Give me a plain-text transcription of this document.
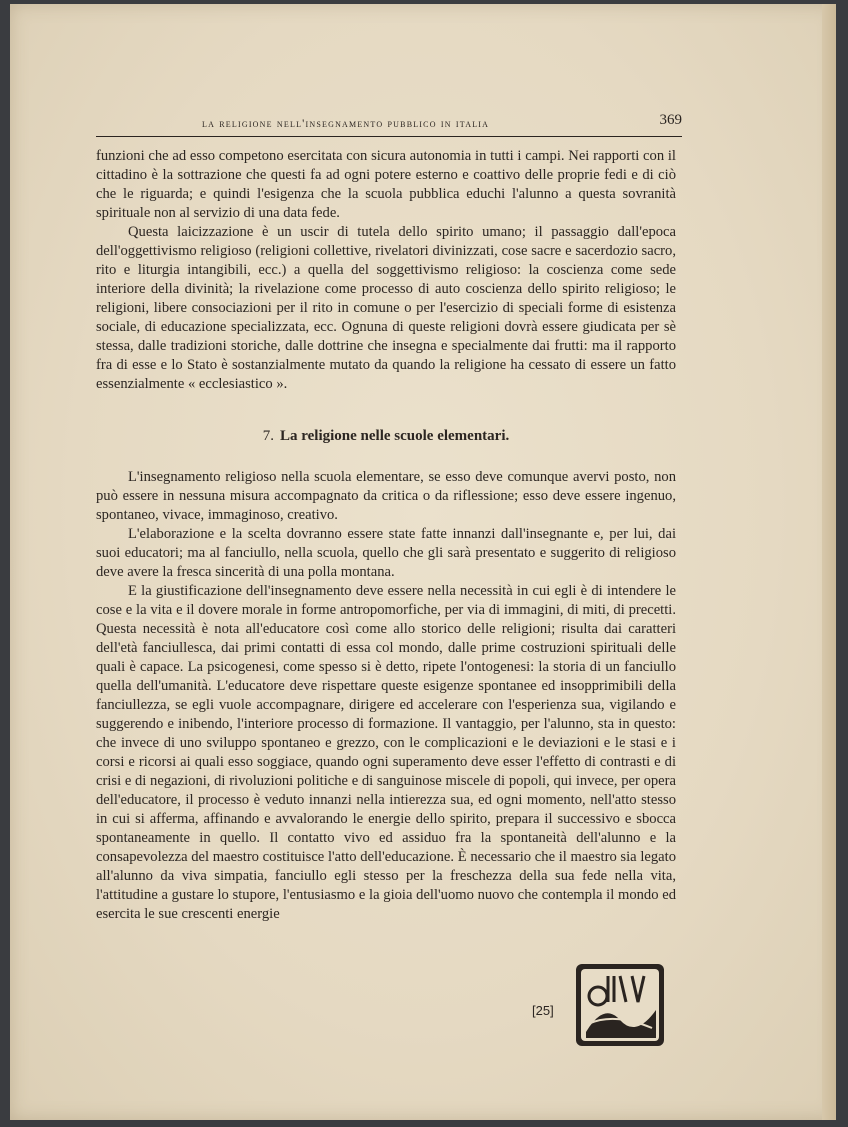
la religione nell'insegnamento pubblico in italia	369

funzioni che ad esso competono esercitata con sicura autonomia in tutti i campi. Nei rapporti con il cittadino è la sottrazione che questi fa ad ogni potere esterno e coattivo delle proprie fedi e di ciò che le riguarda; e quindi l'esigenza che la scuola pubblica educhi l'alunno a questa sovranità spirituale non al servizio di una data fede.

Questa laicizzazione è un uscir di tutela dello spirito umano; il passaggio dall'epoca dell'oggettivismo religioso (religioni collettive, rivelatori divinizzati, cose sacre e sacerdozio sacro, rito e liturgia intangibili, ecc.) a quella del soggettivismo religioso: la coscienza come sede interiore della divinità; la rivelazione come processo di auto coscienza dello spirito religioso; le religioni, libere consociazioni per il rito in comune o per l'esercizio di speciali forme di esistenza sociale, di educazione specializzata, ecc. Ognuna di queste religioni dovrà essere giudicata per sè stessa, dalle tradizioni storiche, dalle dottrine che insegna e specialmente dai frutti: ma il rapporto fra di esse e lo Stato è sostanzialmente mutato da quando la religione ha cessato di essere un fatto essenzialmente « ecclesiastico ».

7. La religione nelle scuole elementari.

L'insegnamento religioso nella scuola elementare, se esso deve comunque avervi posto, non può essere in nessuna misura accompagnato da critica o da riflessione; esso deve essere ingenuo, spontaneo, vivace, immaginoso, creativo.

L'elaborazione e la scelta dovranno essere state fatte innanzi dall'insegnante e, per lui, dai suoi educatori; ma al fanciullo, nella scuola, quello che gli sarà presentato e suggerito di religioso deve avere la fresca sincerità di una polla montana.

E la giustificazione dell'insegnamento deve essere nella necessità in cui egli è di intendere le cose e la vita e il dovere morale in forme antropomorfiche, per via di immagini, di miti, di precetti. Questa necessità è nota all'educatore così come allo storico delle religioni; risulta dai caratteri dell'età fanciullesca, dai primi contatti di essa col mondo, dalle prime costruzioni spirituali delle quali è capace. La psicogenesi, come spesso si è detto, ripete l'ontogenesi: la storia di un fanciullo quella dell'umanità. L'educatore deve rispettare queste esigenze spontanee ed insopprimibili della fanciullezza, se egli vuole accompagnare, dirigere ed accelerare con l'esperienza sua, vigilando e suggerendo e inibendo, l'interiore processo di formazione. Il vantaggio, per l'alunno, sta in questo: che invece di uno sviluppo spontaneo e grezzo, con le complicazioni e le deviazioni e le stasi e i corsi e ricorsi ai quali esso soggiace, quando ogni superamento deve esser l'effetto di contrasti e di crisi e di negazioni, di rivoluzioni politiche e di sanguinose miscele di popoli, qui invece, per opera dell'educatore, il processo è veduto innanzi nella intierezza sua, ed ogni momento, nell'atto stesso in cui si afferma, affinando e avvalorando le energie dello spirito, prepara il successivo e sbocca spontaneamente in quello. Il contatto vivo ed assiduo fra la spontaneità dell'alunno e la consapevolezza del maestro costituisce l'atto dell'educazione. È necessario che il maestro sia legato all'alunno da viva simpatia, fanciullo egli stesso per la freschezza della sua fede nella vita, l'attitudine a gustare lo stupore, l'entusiasmo e la gioia dell'uomo nuovo che contempla il mondo ed esercita le sue crescenti energie

[25]
